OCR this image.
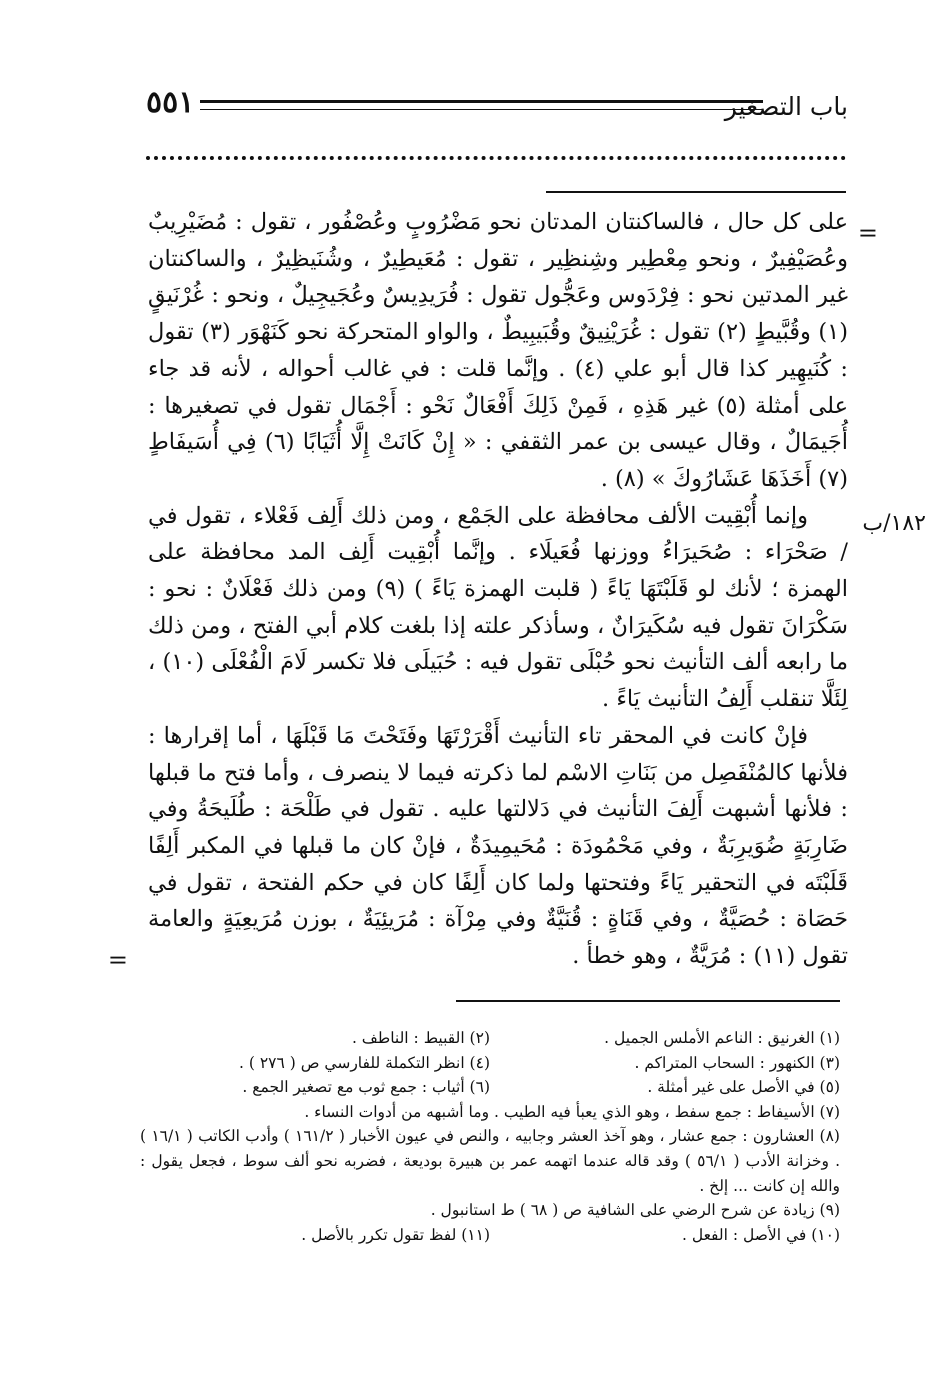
باب التصغير
٥٥١
=
١٨٢/ب

على كل حال ، فالساكنتان المدتان نحو مَضْرُوبٍ وعُصْفُور ، تقول : مُضَيْرِيبٌ وعُصَيْفِيرٌ ، ونحو مِعْطِير وشِنظِير ، تقول : مُعَيطِيرٌ ، وشُنَيظِيرٌ ، والساكنتان غير المدتين نحو : فِرْدَوس وعَجُّول تقول : فُرَيدِيسٌ وعُجَيجِيلٌ ، ونحو : غُرْنَيقٍ (١) وقُبَّيطٍ (٢) تقول : غُرَيْنِيقٌ وقُبَيبِيطٌ ، والواو المتحركة نحو كَنَهْوَر (٣) تقول : كُنَيهِير كذا قال أبو علي (٤) . وإنَّما قلت : في غالب أحواله ، لأنه قد جاء على أمثلة (٥) غير هَذِهِ ، فَمِنْ ذَلِكَ أَفْعَالٌ نَحْو : أَجْمَال تقول في تصغيرها : أُجَيمَالٌ ، وقال عيسى بن عمر الثقفي : « إِنْ كَانَتْ إِلَّا أُثَيَابًا (٦) فِي أُسَيفَاطٍ (٧) أَخَذَهَا عَشَارُوكَ » (٨) .

وإنما أُبْقِيت الألف محافظة على الجَمْع ، ومن ذلك أَلِف فَعْلاء ، تقول في / صَحْرَاء : صُحَيرَاءُ ووزنها فُعَيلَاء . وإنَّما أُبْقِيت أَلِف المد محافظة على الهمزة ؛ لأنك لو قَلَبْتَهَا يَاءً ( قلبت الهمزة يَاءً ) (٩) ومن ذلك فَعْلَانٌ : نحو : سَكْرَانَ تقول فيه سُكَيرَانٌ ، وسأذكر علته إذا بلغت كلام أبي الفتح ، ومن ذلك ما رابعه ألف التأنيث نحو حُبْلَى تقول فيه : حُبَيلَى فلا تكسر لَامَ الْفُعْلَى (١٠) ، لِئَلَّا تنقلب أَلِفُ التأنيث يَاءً .

فإنْ كانت في المحقر تاء التأنيث أَقْرَرْتَهَا وفَتَحْتَ مَا قَبْلَهَا ، أما إقرارها : فلأنها كالمُنْفَصِل من بَنَاتِ الاسْم لما ذكرته فيما لا ينصرف ، وأما فتح ما قبلها : فلأنها أشبهت أَلِفَ التأنيث في دَلالتها عليه . تقول في طَلْحَة : طُلَيحَةُ وفي ضَارِبَةٍ ضُوَيرِبَةٌ ، وفي مَحْمُودَة : مُحَيمِيدَةٌ ، فإنْ كان ما قبلها في المكبر أَلِفًا قَلَبْتَه في التحقير يَاءً وفتحتها ولما كان أَلِفًا كان في حكم الفتحة ، تقول في حَصَاة : حُصَيَّةٌ ، وفي قَنَاةٍ : قُنَيَّةٌ وفي مِرْآة : مُرَيئِيَةٌ ، بوزن مُرَيعِيَةٍ والعامة تقول (١١) : مُرَيَّةٌ ، وهو خطأ .

=
(١) الغرنيق : الناعم الأملس الجميل .
(٢) القبيط : الناطف .
(٣) الكنهور : السحاب المتراكم .
(٤) انظر التكملة للفارسي ص ( ٢٧٦ ) .
(٥) في الأصل على غير أمثلة .
(٦) أثياب : جمع ثوب مع تصغير الجمع .
(٧) الأسيفاط : جمع سفط ، وهو الذي يعبأ فيه الطيب . وما أشبهه من أدوات النساء .
(٨) العشارون : جمع عشار ، وهو آخذ العشر وجابيه ، والنص في عيون الأخبار ( ١٦١/٢ ) وأدب الكاتب ( ١٦/١ ) . وخزانة الأدب ( ٥٦/١ ) وقد قاله عندما اتهمه عمر بن هبيرة بوديعة ، فضربه نحو ألف سوط ، فجعل يقول : والله إن كانت ... إلخ .
(٩) زيادة عن شرح الرضي على الشافية ص ( ٦٨ ) ط استانبول .
(١٠) في الأصل : الفعل .
(١١) لفظ تقول تكرر بالأصل .
